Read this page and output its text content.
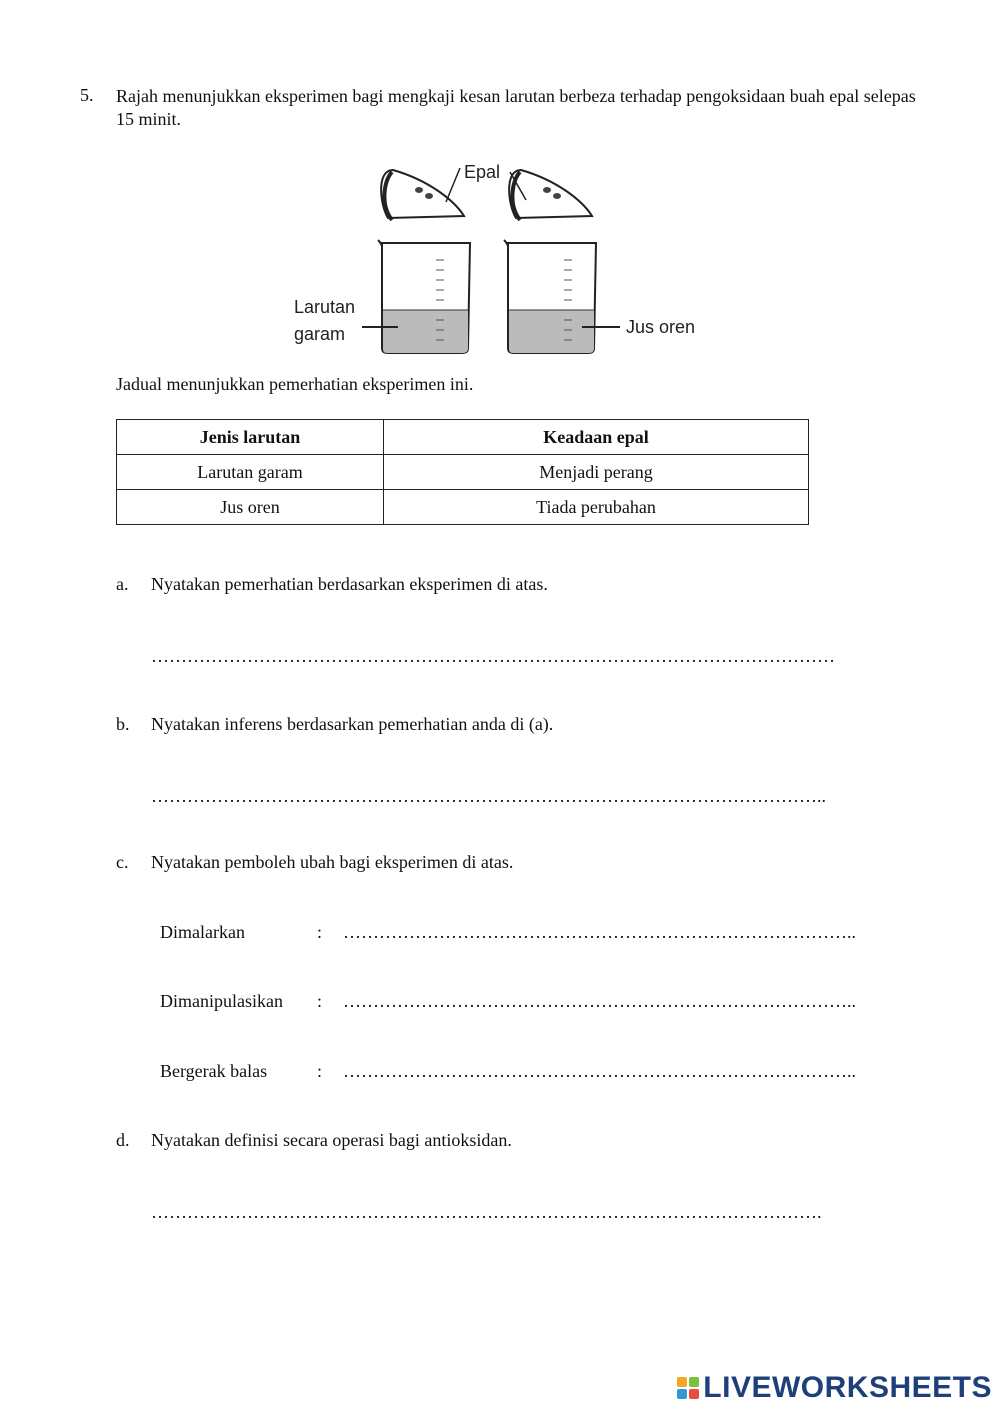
5. Rajah menunjukkan eksperimen bagi mengkaji kesan larutan berbeza terhadap pengoksidaan buah epal selepas 15 minit.
Epal
Larutan
garam	Jus oren
Jadual menunjukkan pemerhatian eksperimen ini.
Jenis larutan	Keadaan epal
Larutan garam	Menjadi perang
Jus oren	Tiada perubahan
a. Nyatakan pemerhatian berdasarkan eksperimen di atas.
……………………………………………………………………………………………………
b. Nyatakan inferens berdasarkan pemerhatian anda di (a).
…………………………………………………………………………………………………..
c. Nyatakan pemboleh ubah bagi eksperimen di atas.
Dimalarkan	: …………………………………………………………………………..
Dimanipulasikan : …………………………………………………………………………..
Bergerak balas	: …………………………………………………………………………..
d. Nyatakan definisi secara operasi bagi antioksidan.
………………………………………………………………………………………………….
LIVEWORKSHEETS
